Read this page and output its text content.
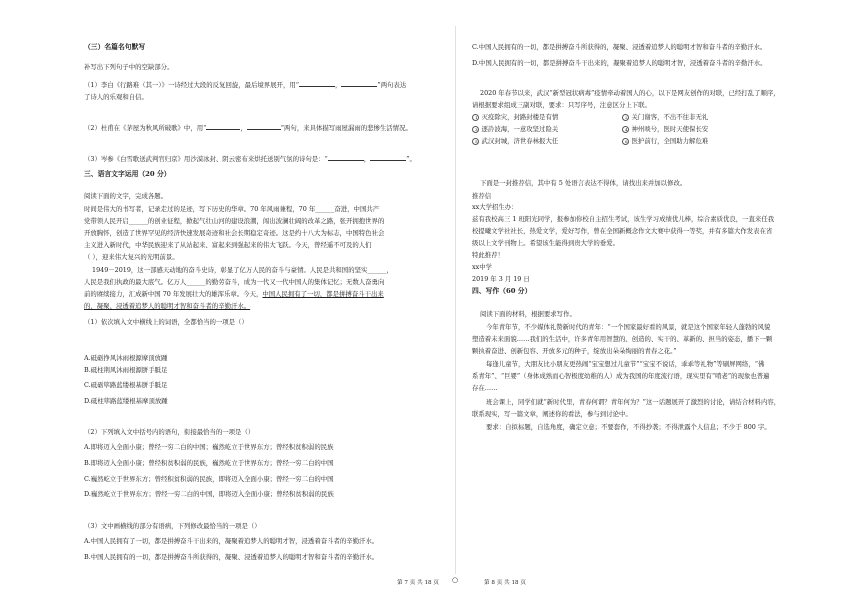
（三）名篇名句默写
补写出下列句子中的空缺部分。
（1）李白《行路难（其一）》一诗经过大段的反复回旋，最后境界展开，用“	，	”两句表达
了诗人的乐观和自信。
（2）杜甫在《茅屋为秋风所破歌》中，用“	，	”两句，来具体描写雨屋漏雨的悲惨生活情况。
（3）岑参《白雪歌送武判官归京》用沙漠冰封、阴云密布来烘托送别气氛的诗句是：“	，	”。
三、语言文字运用（20 分）
阅读下面的文字，完成各题。
时间是伟大的书写者，记录走过的足迹，写下历史的华章。70 年风雨兼程，70 年______奋进，中国共产
党带领人民开启______的创业征程，掀起气壮山河的建设浪潮，闯出波澜壮阔的改革之路，张开拥抱世界的
开放胸怀，创造了世界罕见的经济快速发展奇迹和社会长期稳定奇迹。这是约十八大为标志，中国特色社会
主义进入新时代，中华民族迎来了从站起来、富起来到强起来的伟大飞跃。今天，曾经遥不可及的人们
（ ），迎来伟大复兴的光明前景。
1949－2019，这一部感天动地的奋斗史诗，彰显了亿万人民的奋斗与豪情。人民是共和国的坚实______，
人民是我们执政的最大底气。亿万人______的勤劳奋斗，成为一代又一代中国人的集体记忆；无数人奋勇向
前的赓续接力，汇成新中国 70 年发展壮大的雄浑乐章。今天，中国人民拥有了一切，都是拼搏奋斗干出来
的，凝聚、浸透着追梦人的聪明才智和奋斗者的辛勤汗水。
（1）依次填入文中横线上的词语，全都恰当的一项是（）
A.砥砺挣风沐雨根源摩顶放踵
B.砥柱荆风沐雨根源胼手胝足
C.砥砺筚路蓝缕根基胼手胝足
D.砥柱筚路蓝缕根基摩顶放踵
（2）下列填入文中括号内的语句，衔接最恰当的一项是（）
A.即将迈入全面小康；曾经一穷二白的中国；巍然屹立于世界东方；曾经积贫积弱的民族
B.即将迈入全面小康；曾经积贫积弱的民族，巍然屹立于世界东方；曾经一穷二白的中国
C.巍然屹立于世界东方；曾经积贫积弱的民族，即将迈入全面小康；曾经一穷二白的中国
D.巍然屹立于世界东方；曾经一穷二白的中国，即将迈入全面小康；曾经积贫积弱的民族
（3）文中画横线的部分有语病，下列修改最恰当的一项是（）
A.中国人民拥有了一切，都是拼搏奋斗干出来的，凝聚着追梦人的聪明才智，浸透着奋斗者的辛勤汗水。
B.中国人民拥有的一切，都是拼搏奋斗所获得的，凝聚、浸透着追梦人的聪明才智和奋斗者的辛勤汗水。
C.中国人民拥有的一切，都是拼搏奋斗所获得的，凝聚、浸透着追梦人的聪明才智和奋斗者的辛勤汗水。
D.中国人民拥有的一切，都是拼搏奋斗干出来的，凝聚着追梦人的聪明才智，浸透着奋斗者的辛勤汗水。
2020 年春节以来，武汉“新型冠状病毒”疫情牵动着国人的心，以下是网友创作的对联，已经打乱了顺序，
请根据要求组成三副对联，要求：只写序号，注意区分上下联。
1 灭疫除灾，封路封楼是有情	2 关门谢客，不出不往非无礼
3 逐訡波海，一意攻坚过险关	4 神州啖兮，医时天使保长安
5 武汉封城，济世春林报大任	6 医护前行，全国助力解危难
下面是一封推荐信，其中有 5 处语言表达不得体，请找出来并加以修改。
推荐信
xx大学招生办：
兹有我校高三 1 班阳光同学，报参加你校自主招生考试，该生学习成绩优儿棒，综合素质优良，一直来任我
校提曦文学社社长，热爱文学，爱好写作，曾在全国新概念作文大赛中获得一等奖，并有多篇大作发表在省
级以上文学刊物上。希望该生能得到贵大学的垂爱。
特此推荐！
xx中学
2019 年 3 月 19 日
四、写作（60 分）
阅读下面的材料，根据要求写作。
今年青年节，不少媒体礼赞新时代的青年：“一个国家最好看的风景，就是这个国家年轻人蓬勃的风貌
塑造着未来面貌……我们的生活中，许多青年用智慧的、创造的、实干的、革新的、担当的姿态，播下一颗
颗执着奋进、创新包容、开放多元的种子，绽放出朵朵绚丽的青春之花。”
每逢儿童节，大朋友比小朋友更热闹“宝宝想过儿童节”“宝宝不说话，乖乖等礼物”等刷屏网络，“佛
系青年”、“巨婴”（身体成熟而心智极度幼稚的人）成为我国的年度流行语，现实里有“啃老”的现象也普遍
存在……
班会课上，同学们就“新时代里，青春何谓？青年何为？”这一话题展开了激烈的讨论，请结合材料内容，
联系现实，写一篇文章，阐述你的看法，参与到讨论中。
要求：自拟标题，自选角度，确定立意；不要套作，不得抄袭；不得泄露个人信息；不少于 800 字。
第 7 页 共 18 页 ○	第 8 页 共 18 页
